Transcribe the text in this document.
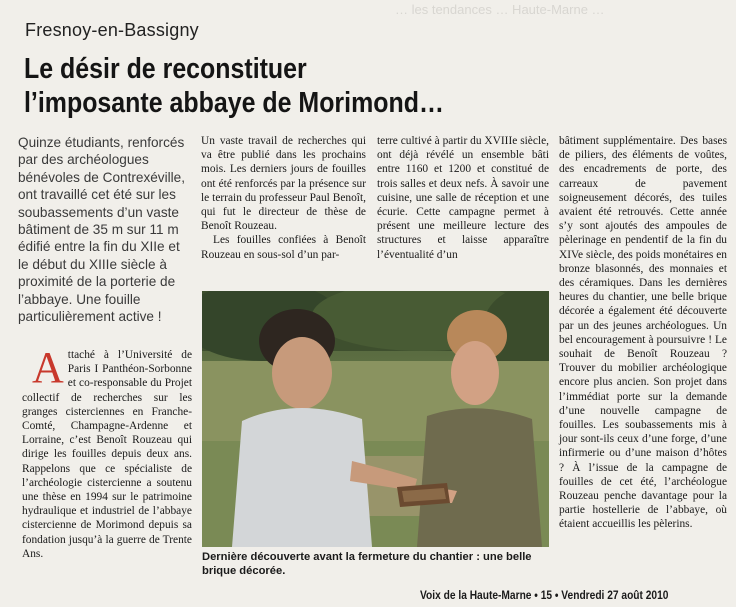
… les tendances … Haute-Marne …
Fresnoy-en-Bassigny
Le désir de reconstituer
l’imposante abbaye de Morimond…
Quinze étudiants, renforcés par des archéologues bénévoles de Contrexéville, ont travaillé cet été sur les soubassements d’un vaste bâtiment de 35 m sur 11 m édifié entre la fin du XIIe et le début du XIIIe siècle à proximité de la porterie de l’abbaye. Une fouille particulièrement active !

Attaché à l’Université de Paris I Panthéon-Sorbonne et co-responsable du Projet collectif de recherches sur les granges cisterciennes en Franche-Comté, Champagne-Ardenne et Lorraine, c’est Benoît Rouzeau qui dirige les fouilles depuis deux ans. Rappelons que ce spécialiste de l’archéologie cistercienne a soutenu une thèse en 1994 sur le patrimoine hydraulique et industriel de l’abbaye cistercienne de Morimond depuis sa fondation jusqu’à la guerre de Trente Ans.

Un vaste travail de recherches qui va être publié dans les prochains mois. Les derniers jours de fouilles ont été renforcés par la présence sur le terrain du professeur Paul Benoît, qui fut le directeur de thèse de Benoît Rouzeau.

Les fouilles confiées à Benoît Rouzeau en sous-sol d’un par-

terre cultivé à partir du XVIIIe siècle, ont déjà révélé un ensemble bâti entre 1160 et 1200 et constitué de trois salles et deux nefs. À savoir une cuisine, une salle de réception et une écurie. Cette campagne permet à présent une meilleure lecture des structures et laisse apparaître l’éventualité d’un

bâtiment supplémentaire. Des bases de piliers, des éléments de voûtes, des encadrements de porte, des carreaux de pavement soigneusement décorés, des tuiles avaient été retrouvés. Cette année s’y sont ajoutés des ampoules de pèlerinage en pendentif de la fin du XIVe siècle, des poids monétaires en bronze blasonnés, des monnaies et des céramiques. Dans les dernières heures du chantier, une belle brique décorée a également été découverte par un des jeunes archéologues. Un bel encouragement à poursuivre ! Le souhait de Benoît Rouzeau ? Trouver du mobilier archéologique encore plus ancien. Son projet dans l’immédiat porte sur la demande d’une nouvelle campagne de fouilles. Les soubassements mis à jour sont-ils ceux d’une forge, d’une infirmerie ou d’une maison d’hôtes ? À l’issue de la campagne de fouilles de cet été, l’archéologue Rouzeau penche davantage pour la partie hostellerie de l’abbaye, où étaient accueillis les pèlerins.

Dernière découverte avant la fermeture du chantier : une belle brique décorée.
Voix de la Haute-Marne • 15 • Vendredi 27 août 2010
